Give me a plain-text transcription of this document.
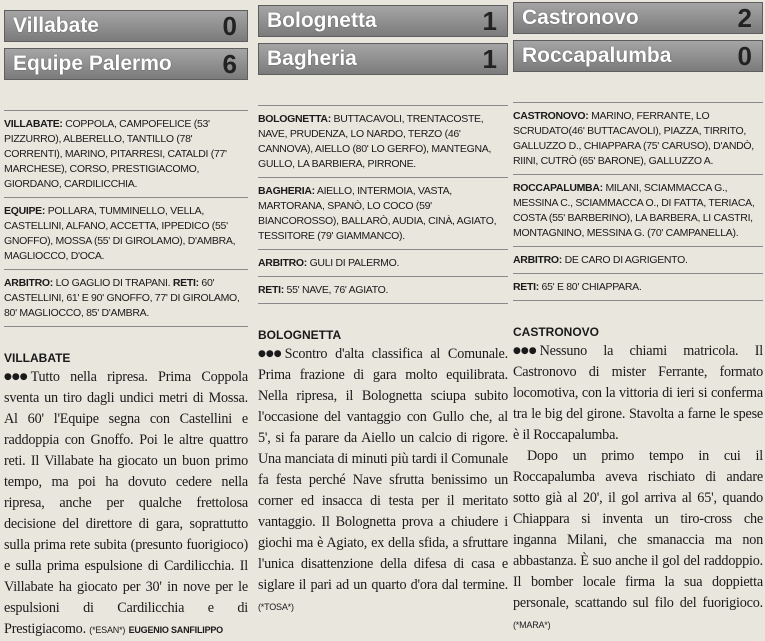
Villabate	0
Equipe Palermo 6
VILLABATE: COPPOLA, CAMPOFELICE (53' PIZZURRO), ALBERELLO, TANTILLO (78' CORRENTI), MARINO, PITARRESI, CATALDI (77' MARCHESE), CORSO, PRESTIGIACOMO, GIORDANO, CARDILICCHIA.
EQUIPE: POLLARA, TUMMINELLO, VELLA, CASTELLINI, ALFANO, ACCETTA, IPPEDICO (55' GNOFFO), MOSSA (55' DI GIROLAMO), D'AMBRA, MAGLIOCCO, D'OCA.
ARBITRO: LO GAGLIO DI TRAPANI. RETI: 60' CASTELLINI, 61' E 90' GNOFFO, 77' DI GIROLAMO, 80' MAGLIOCCO, 85' D'AMBRA.
VILLABATE
●●● Tutto nella ripresa. Prima Coppola sventa un tiro dagli undici metri di Mossa. Al 60' l'Equipe segna con Castellini e raddoppia con Gnoffo. Poi le altre quattro reti. Il Villabate ha giocato un buon primo tempo, ma poi ha dovuto cedere nella ripresa, anche per qualche frettolosa decisione del direttore di gara, soprattutto sulla prima rete subita (presunto fuorigioco) e sulla prima espulsione di Cardilicchia. Il Villabate ha giocato per 30' in nove per le espulsioni di Cardilicchia e di Prestigiacomo. (*ESAN*) EUGENIO SANFILIPPO
Bolognetta	1
Bagheria	1
BOLOGNETTA: BUTTACAVOLI, TRENTACOSTE, NAVE, PRUDENZA, LO NARDO, TERZO (46' CANNOVA), AIELLO (80' LO GERFO), MANTEGNA, GULLO, LA BARBIERA, PIRRONE.
BAGHERIA: AIELLO, INTERMOIA, VASTA, MARTORANA, SPANÒ, LO COCO (59' BIANCOROSSO), BALLARÒ, AUDIA, CINÀ, AGIATO, TESSITORE (79' GIAMMANCO).
ARBITRO: GULI DI PALERMO.
RETI: 55' NAVE, 76' AGIATO.
BOLOGNETTA
●●● Scontro d'alta classifica al Comunale. Prima frazione di gara molto equilibrata. Nella ripresa, il Bolognetta sciupa subito l'occasione del vantaggio con Gullo che, al 5', si fa parare da Aiello un calcio di rigore. Una manciata di minuti più tardi il Comunale fa festa perché Nave sfrutta benissimo un corner ed insacca di testa per il meritato vantaggio. Il Bolognetta prova a chiudere i giochi ma è Agiato, ex della sfida, a sfruttare l'unica disattenzione della difesa di casa e siglare il pari ad un quarto d'ora dal termine. (*TOSA*)
Castronovo	2
Roccapalumba	0
CASTRONOVO: MARINO, FERRANTE, LO SCRUDATO(46' BUTTACAVOLI), PIAZZA, TIRRITO, GALLUZZO D., CHIAPPARA (75' CARUSO), D'ANDÒ, RIINI, CUTRÒ (65' BARONE), GALLUZZO A.
ROCCAPALUMBA: MILANI, SCIAMMACCA G., MESSINA C., SCIAMMACCA O., DI FATTA, TERIACA, COSTA (55' BARBERINO), LA BARBERA, LI CASTRI, MONTAGNINO, MESSINA G. (70' CAMPANELLA).
ARBITRO: DE CARO DI AGRIGENTO.
RETI: 65' E 80' CHIAPPARA.
CASTRONOVO

●●● Nessuno la chiami matricola. Il Castronovo di mister Ferrante, formato locomotiva, con la vittoria di ieri si conferma tra le big del girone. Stavolta a farne le spese è il Roccapalumba.

Dopo un primo tempo in cui il Roccapalumba aveva rischiato di andare sotto già al 20', il gol arriva al 65', quando Chiappara si inventa un tiro-cross che inganna Milani, che smanaccia ma non abbastanza. È suo anche il gol del raddoppio. Il bomber locale firma la sua doppietta personale, scattando sul filo del fuorigioco. (*MARA*)
